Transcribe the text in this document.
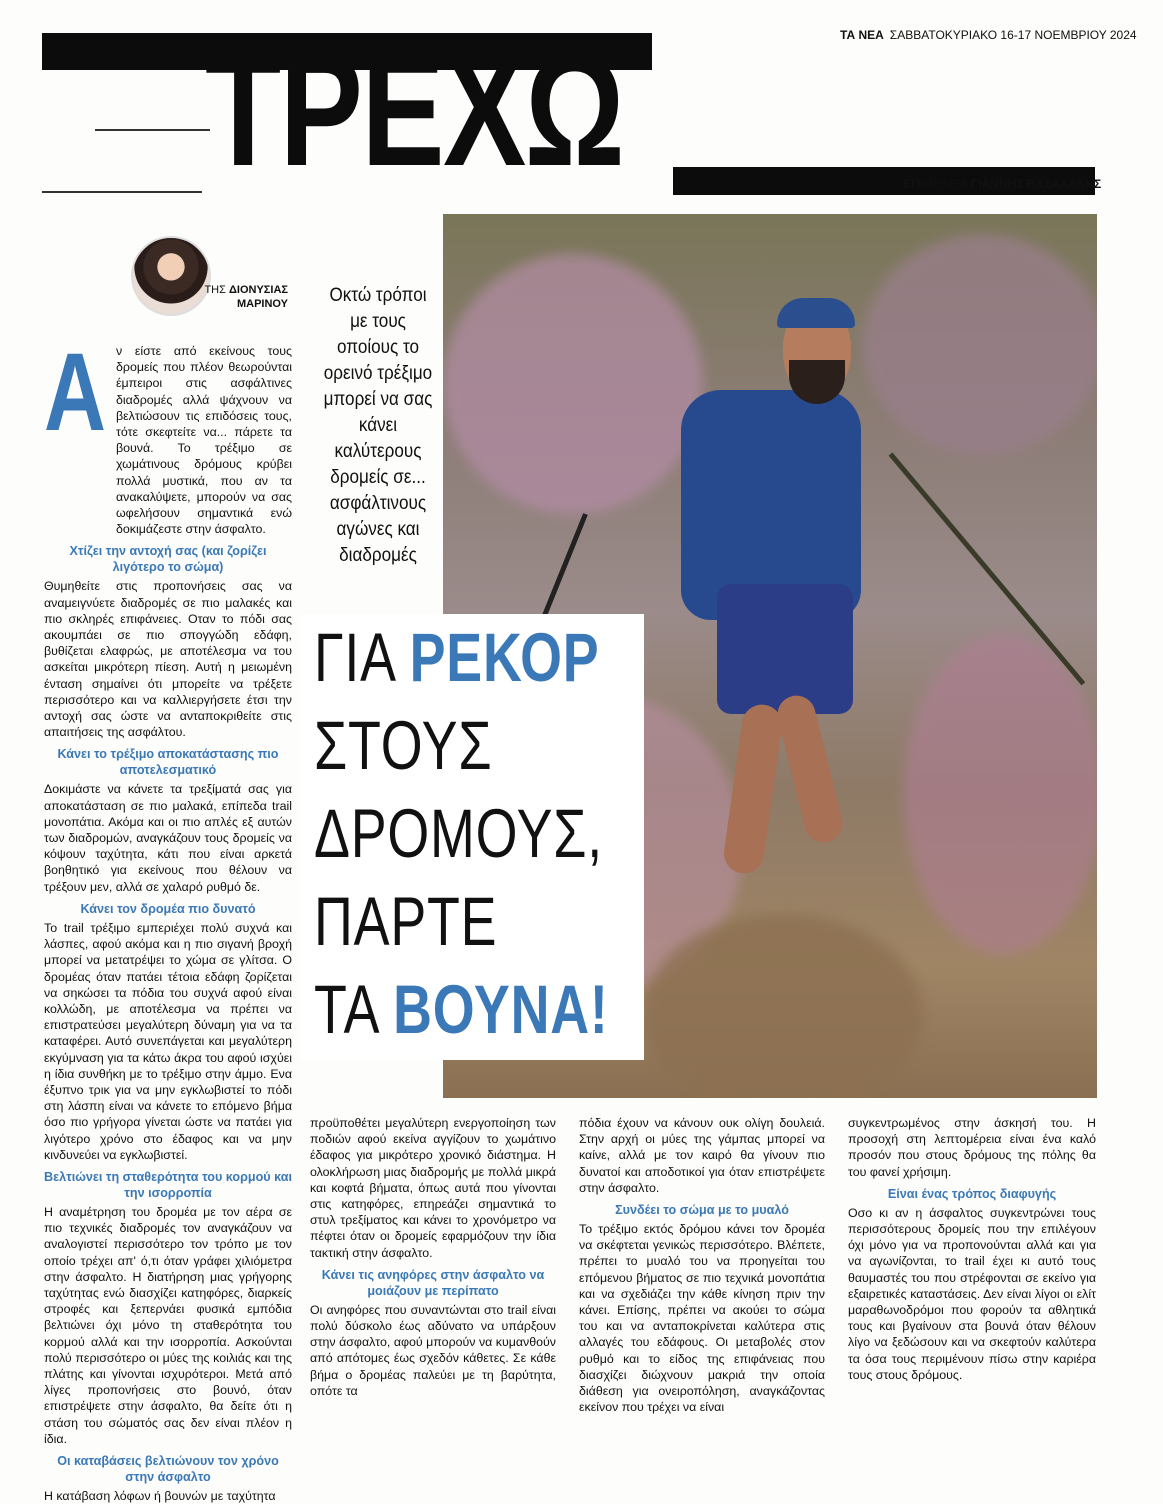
ΤΡΕΧΩ	ΤΑ ΝΕΑ ΣΑΒΒΑΤΟΚΥΡΙΑΚΟ 16-17 ΝΟΕΜΒΡΙΟΥ 2024
ΕΠΙΜΕΛΕΙΑ ΓΙΑΝΝΗΣ ΒΑΣΑΛΑΚΗΣ
ΤΗΣ ΔΙΟΝΥΣΙΑΣ
ΜΑΡΙΝΟΥ	Οκτώ τρόποι με τους οποίους το ορεινό τρέξιμο μπορεί να σας κάνει καλύτερους δρομείς σε... ασφάλτινους αγώνες και διαδρομές
ΓΙΑ ΡΕΚΟΡ
ΣΤΟΥΣ
ΔΡΟΜΟΥΣ,
ΠΑΡΤΕ
ΤΑ ΒΟΥΝΑ!
Α ν είστε από εκείνους τους δρομείς που πλέον θεωρούνται έμπειροι στις ασφάλτινες διαδρομές αλλά ψάχνουν να βελτιώσουν τις επιδόσεις τους, τότε σκεφτείτε να... πάρετε τα βουνά. Το τρέξιμο σε χωμάτινους δρόμους κρύβει πολλά μυστικά, που αν τα ανακαλύψετε, μπορούν να σας ωφελήσουν σημαντικά ενώ δοκιμάζεστε στην άσφαλτο.

Χτίζει την αντοχή σας (και ζορίζει λιγότερο το σώμα)

Θυμηθείτε στις προπονήσεις σας να αναμειγνύετε διαδρομές σε πιο μαλακές και πιο σκληρές επιφάνειες. Οταν το πόδι σας ακουμπάει σε πιο σπογγώδη εδάφη, βυθίζεται ελαφρώς, με αποτέλεσμα να του ασκείται μικρότερη πίεση. Αυτή η μειωμένη ένταση σημαίνει ότι μπορείτε να τρέξετε περισσότερο και να καλλιεργήσετε έτσι την αντοχή σας ώστε να ανταποκριθείτε στις απαιτήσεις της ασφάλτου.

Κάνει το τρέξιμο αποκατάστασης πιο αποτελεσματικό

Δοκιμάστε να κάνετε τα τρεξίματά σας για αποκατάσταση σε πιο μαλακά, επίπεδα trail μονοπάτια. Ακόμα και οι πιο απλές εξ αυτών των διαδρομών, αναγκάζουν τους δρομείς να κόψουν ταχύτητα, κάτι που είναι αρκετά βοηθητικό για εκείνους που θέλουν να τρέξουν μεν, αλλά σε χαλαρό ρυθμό δε.

Κάνει τον δρομέα πιο δυνατό

Το trail τρέξιμο εμπεριέχει πολύ συχνά και λάσπες, αφού ακόμα και η πιο σιγανή βροχή μπορεί να μετατρέψει το χώμα σε γλίτσα. Ο δρομέας όταν πατάει τέτοια εδάφη ζορίζεται να σηκώσει τα πόδια του συχνά αφού είναι κολλώδη, με αποτέλεσμα να πρέπει να επιστρατεύσει μεγαλύτερη δύναμη για να τα καταφέρει. Αυτό συνεπάγεται και μεγαλύτερη εκγύμναση για τα κάτω άκρα του αφού ισχύει η ίδια συνθήκη με το τρέξιμο στην άμμο. Ενα έξυπνο τρικ για να μην εγκλωβιστεί το πόδι στη λάσπη είναι να κάνετε το επόμενο βήμα όσο πιο γρήγορα γίνεται ώστε να πατάει για λιγότερο χρόνο στο έδαφος και να μην κινδυνεύει να εγκλωβιστεί.

Βελτιώνει τη σταθερότητα του κορμού και την ισορροπία

Η αναμέτρηση του δρομέα με τον αέρα σε πιο τεχνικές διαδρομές τον αναγκάζουν να αναλογιστεί περισσότερο τον τρόπο με τον οποίο τρέχει απ' ό,τι όταν γράφει χιλιόμετρα στην άσφαλτο. Η διατήρηση μιας γρήγορης ταχύτητας ενώ διασχίζει κατηφόρες, διαρκείς στροφές και ξεπερνάει φυσικά εμπόδια βελτιώνει όχι μόνο τη σταθερότητα του κορμού αλλά και την ισορροπία. Ασκούνται πολύ περισσότερο οι μύες της κοιλιάς και της πλάτης και γίνονται ισχυρότεροι. Μετά από λίγες προπονήσεις στο βουνό, όταν επιστρέψετε στην άσφαλτο, θα δείτε ότι η στάση του σώματός σας δεν είναι πλέον η ίδια.

Οι καταβάσεις βελτιώνουν τον χρόνο στην άσφαλτο

Η κατάβαση λόφων ή βουνών με ταχύτητα

προϋποθέτει μεγαλύτερη ενεργοποίηση των ποδιών αφού εκείνα αγγίζουν το χωμάτινο έδαφος για μικρότερο χρονικό διάστημα. Η ολοκλήρωση μιας διαδρομής με πολλά μικρά και κοφτά βήματα, όπως αυτά που γίνονται στις κατηφόρες, επηρεάζει σημαντικά το στυλ τρεξίματος και κάνει το χρονόμετρο να πέφτει όταν οι δρομείς εφαρμόζουν την ίδια τακτική στην άσφαλτο.

Κάνει τις ανηφόρες στην άσφαλτο να μοιάζουν με περίπατο

Οι ανηφόρες που συναντώνται στο trail είναι πολύ δύσκολο έως αδύνατο να υπάρξουν στην άσφαλτο, αφού μπορούν να κυμανθούν από απότομες έως σχεδόν κάθετες. Σε κάθε βήμα ο δρομέας παλεύει με τη βαρύτητα, οπότε τα

πόδια έχουν να κάνουν ουκ ολίγη δουλειά. Στην αρχή οι μύες της γάμπας μπορεί να καίνε, αλλά με τον καιρό θα γίνουν πιο δυνατοί και αποδοτικοί για όταν επιστρέψετε στην άσφαλτο.

Συνδέει το σώμα με το μυαλό

Το τρέξιμο εκτός δρόμου κάνει τον δρομέα να σκέφτεται γενικώς περισσότερο. Βλέπετε, πρέπει το μυαλό του να προηγείται του επόμενου βήματος σε πιο τεχνικά μονοπάτια και να σχεδιάζει την κάθε κίνηση πριν την κάνει. Επίσης, πρέπει να ακούει το σώμα του και να ανταποκρίνεται καλύτερα στις αλλαγές του εδάφους. Οι μεταβολές στον ρυθμό και το είδος της επιφάνειας που διασχίζει διώχνουν μακριά την οποία διάθεση για ονειροπόληση, αναγκάζοντας εκείνον που τρέχει να είναι

συγκεντρωμένος στην άσκησή του. Η προσοχή στη λεπτομέρεια είναι ένα καλό προσόν που στους δρόμους της πόλης θα του φανεί χρήσιμη.

Είναι ένας τρόπος διαφυγής

Οσο κι αν η άσφαλτος συγκεντρώνει τους περισσότερους δρομείς που την επιλέγουν όχι μόνο για να προπονούνται αλλά και για να αγωνίζονται, το trail έχει κι αυτό τους θαυμαστές του που στρέφονται σε εκείνο για εξαιρετικές καταστάσεις. Δεν είναι λίγοι οι ελίτ μαραθωνοδρόμοι που φορούν τα αθλητικά τους και βγαίνουν στα βουνά όταν θέλουν λίγο να ξεδώσουν και να σκεφτούν καλύτερα τα όσα τους περιμένουν πίσω στην καριέρα τους στους δρόμους.
